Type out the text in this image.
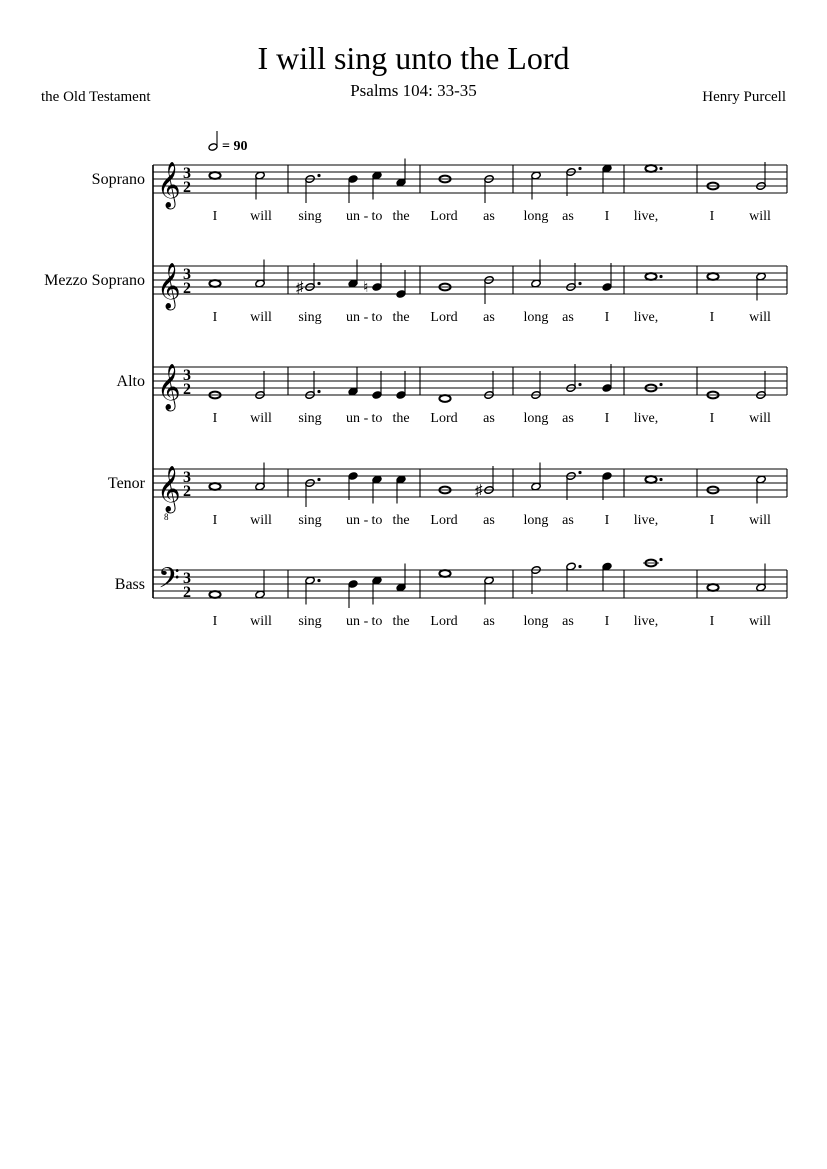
I will sing unto the Lord
Psalms 104: 33-35
the Old Testament	Henry Purcell
= 90
Soprano 𝄞 3
2
I will sing un - to the Lord as long as I live,	I will
Mezzo Soprano 𝄞 3
2	♯	♮
I will sing un - to the Lord as long as I live,	I will
Alto 𝄞 3
2
I will sing un - to the Lord as long as I live,	I will
Tenor 𝄞
8
3
2	♯
I will sing un - to the Lord as long as I live,	I will
Bass 𝄢 3
2
I will sing un - to the Lord as long as I live,	I will
